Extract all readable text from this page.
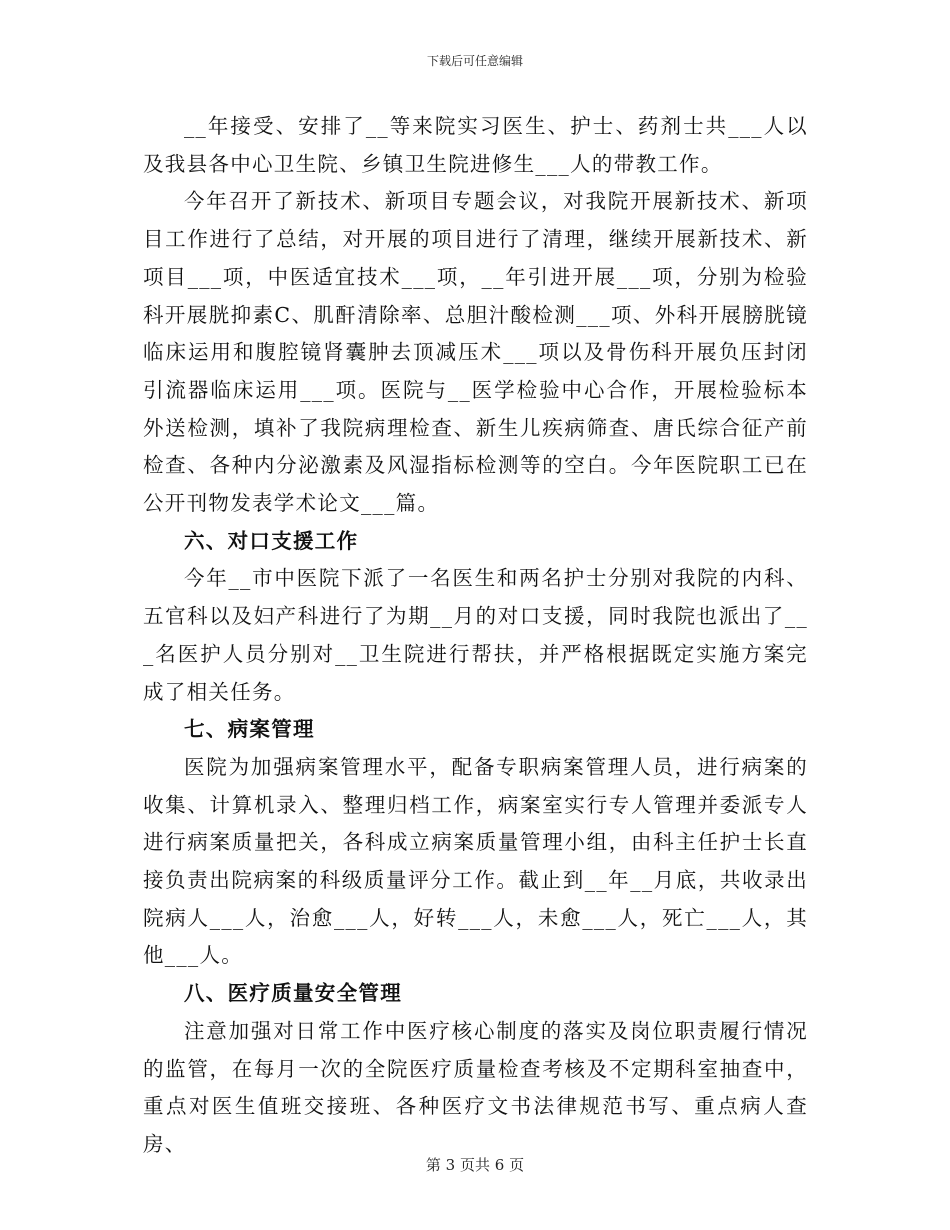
下载后可任意编辑

__年接受、安排了__等来院实习医生、护士、药剂士共___人以及我县各中心卫生院、乡镇卫生院进修生___人的带教工作。

今年召开了新技术、新项目专题会议，对我院开展新技术、新项目工作进行了总结，对开展的项目进行了清理，继续开展新技术、新项目___项，中医适宜技术___项，__年引进开展___项，分别为检验科开展胱抑素C、肌酐清除率、总胆汁酸检测___项、外科开展膀胱镜临床运用和腹腔镜肾囊肿去顶减压术___项以及骨伤科开展负压封闭引流器临床运用___项。医院与__医学检验中心合作，开展检验标本外送检测，填补了我院病理检查、新生儿疾病筛查、唐氏综合征产前检查、各种内分泌激素及风湿指标检测等的空白。今年医院职工已在公开刊物发表学术论文___篇。

六、对口支援工作

今年__市中医院下派了一名医生和两名护士分别对我院的内科、五官科以及妇产科进行了为期__月的对口支援，同时我院也派出了___名医护人员分别对__卫生院进行帮扶，并严格根据既定实施方案完成了相关任务。

七、病案管理

医院为加强病案管理水平，配备专职病案管理人员，进行病案的收集、计算机录入、整理归档工作，病案室实行专人管理并委派专人进行病案质量把关，各科成立病案质量管理小组，由科主任护士长直接负责出院病案的科级质量评分工作。截止到__年__月底，共收录出院病人___人，治愈___人，好转___人，未愈___人，死亡___人，其他___人。

八、医疗质量安全管理

注意加强对日常工作中医疗核心制度的落实及岗位职责履行情况的监管，在每月一次的全院医疗质量检查考核及不定期科室抽查中，重点对医生值班交接班、各种医疗文书法律规范书写、重点病人查房、

第 3 页共 6 页
